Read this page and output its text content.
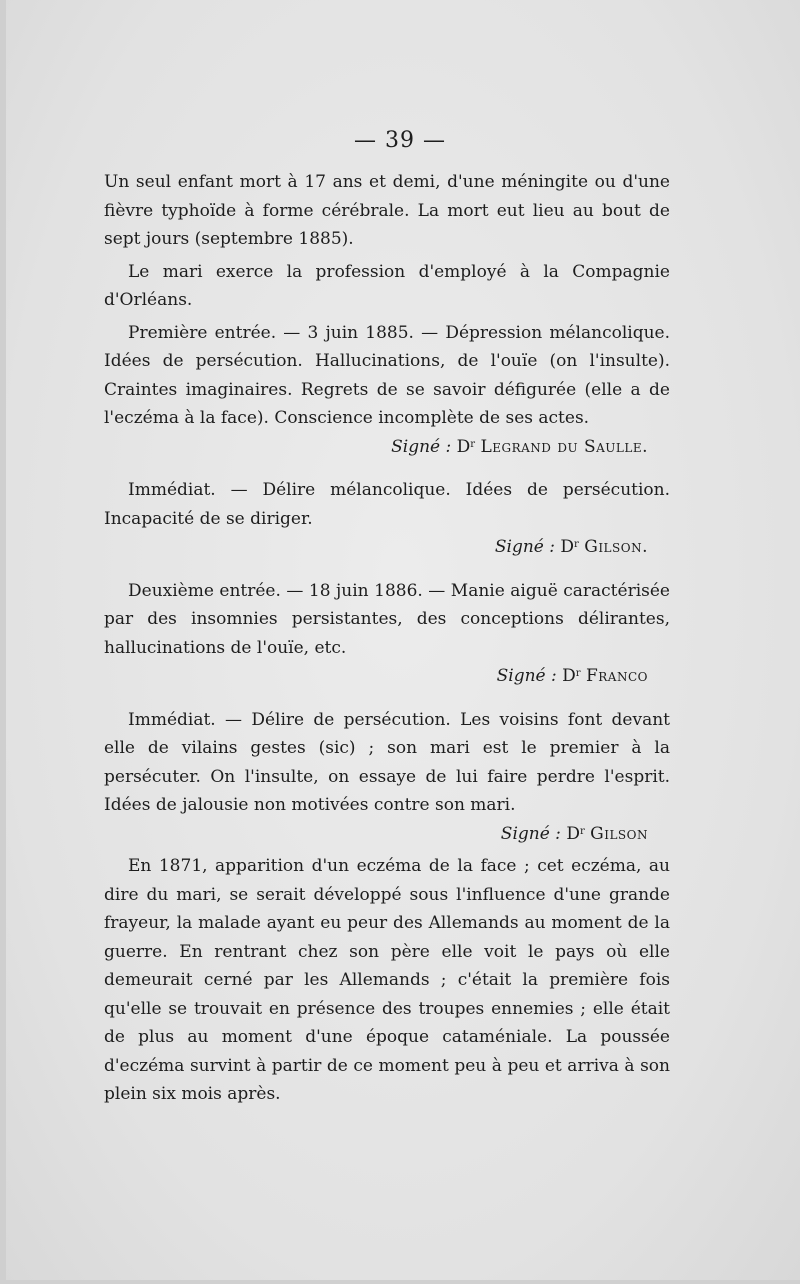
— 39 —

Un seul enfant mort à 17 ans et demi, d'une méningite ou d'une fièvre typhoïde à forme cérébrale. La mort eut lieu au bout de sept jours (septembre 1885).

Le mari exerce la profession d'employé à la Compagnie d'Orléans.

Première entrée. — 3 juin 1885. — Dépression mélancolique. Idées de persécution. Hallucinations, de l'ouïe (on l'insulte). Craintes imaginaires. Regrets de se savoir défigurée (elle a de l'eczéma à la face). Conscience incomplète de ses actes.

Signé : $D^r$ Legrand du Saulle.

Immédiat. — Délire mélancolique. Idées de persécution. Incapacité de se diriger.

Signé : $D^r$ Gilson.

Deuxième entrée. — 18 juin 1886. — Manie aiguë caractérisée par des insomnies persistantes, des conceptions délirantes, hallucinations de l'ouïe, etc.

Signé : $D^r$ Franco

Immédiat. — Délire de persécution. Les voisins font devant elle de vilains gestes (sic) ; son mari est le premier à la persécuter. On l'insulte, on essaye de lui faire perdre l'esprit. Idées de jalousie non motivées contre son mari.

Signé : $D^r$ Gilson

En 1871, apparition d'un eczéma de la face ; cet eczéma, au dire du mari, se serait développé sous l'influence d'une grande frayeur, la malade ayant eu peur des Allemands au moment de la guerre. En rentrant chez son père elle voit le pays où elle demeurait cerné par les Allemands ; c'était la première fois qu'elle se trouvait en présence des troupes ennemies ; elle était de plus au moment d'une époque cataméniale. La poussée d'eczéma survint à partir de ce moment peu à peu et arriva à son plein six mois après.
